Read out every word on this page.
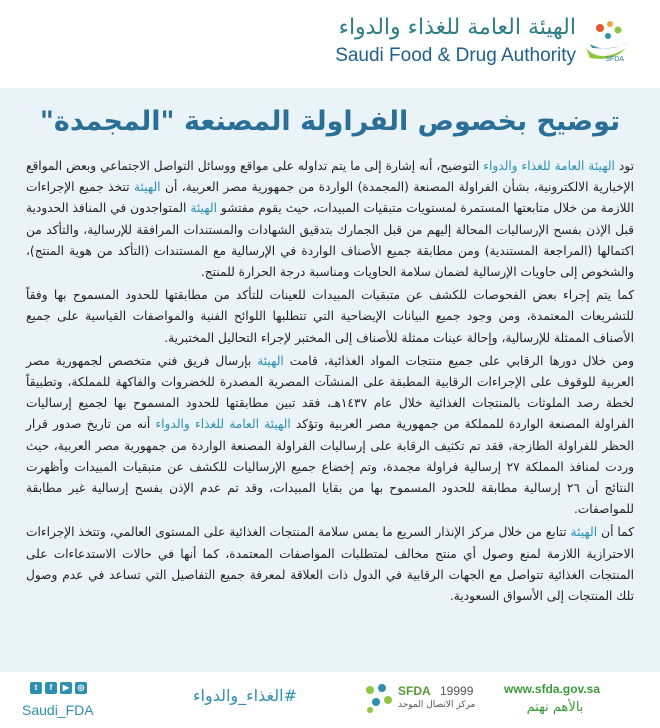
الهيئة العامة للغذاء والدواء
Saudi Food & Drug Authority	SFDA
توضيح بخصوص الفراولة المصنعة "المجمدة"

تود الهيئة العامة للغذاء والدواء التوضيح، أنه إشارة إلى ما يتم تداوله على مواقع ووسائل التواصل الاجتماعي وبعض المواقع الإخبارية الالكترونية، بشأن الفراولة المصنعة (المجمدة) الواردة من جمهورية مصر العربية، أن الهيئة تتخذ جميع الإجراءات اللازمة من خلال متابعتها المستمرة لمستويات متبقيات المبيدات، حيث يقوم مفتشو الهيئة المتواجدون في المنافذ الحدودية قبل الإذن بفسح الإرساليات المحالة إليهم من قبل الجمارك بتدقيق الشهادات والمستندات المرافقة للإرسالية، والتأكد من اكتمالها (المراجعة المستندية) ومن مطابقة جميع الأصناف الواردة في الإرسالية مع المستندات (التأكد من هوية المنتج)، والشخوص إلى حاويات الإرسالية لضمان سلامة الحاويات ومناسبة درجة الحرارة للمنتج.

كما يتم إجراء بعض الفحوصات للكشف عن متبقيات المبيدات للعينات للتأكد من مطابقتها للحدود المسموح بها وفقاً للتشريعات المعتمدة، ومن وجود جميع البيانات الإيضاحية التي تتطلبها اللوائح الفنية والمواصفات القياسية على جميع الأصناف الممثلة للإرسالية، وإحالة عينات ممثلة للأصناف إلى المختبر لإجراء التحاليل المختبرية.

ومن خلال دورها الرقابي على جميع منتجات المواد الغذائية، قامت الهيئة بإرسال فريق فني متخصص لجمهورية مصر العربية للوقوف على الإجراءات الرقابية المطبقة على المنشآت المصرية المصدرة للخضروات والفاكهة للمملكة، وتطبيقاً لخطة رصد الملوثات بالمنتجات الغذائية خلال عام ١٤٣٧هـ، فقد تبين مطابقتها للحدود المسموح بها لجميع إرساليات الفراولة المصنعة الواردة للمملكة من جمهورية مصر العربية وتؤكد الهيئة العامة للغذاء والدواء أنه من تاريخ صدور قرار الحظر للفراولة الطازجة، فقد تم تكثيف الرقابة على إرساليات الفراولة المصنعة الواردة من جمهورية مصر العربية، حيث وردت لمنافذ المملكة ٢٧ إرسالية فراولة مجمدة، وتم إخضاع جميع الإرساليات للكشف عن متبقيات المبيدات وأظهرت النتائج أن ٢٦ إرسالية مطابقة للحدود المسموح بها من بقايا المبيدات، وقد تم عدم الإذن بفسح إرسالية غير مطابقة للمواصفات.

كما أن الهيئة تتابع من خلال مركز الإنذار السريع ما يمس سلامة المنتجات الغذائية على المستوى العالمي، وتتخذ الإجراءات الاحترازية اللازمة لمنع وصول أي منتج مخالف لمتطلبات المواصفات المعتمدة، كما أنها في حالات الاستدعاءات على المنتجات الغذائية تتواصل مع الجهات الرقابية في الدول ذات العلاقة لمعرفة جميع التفاصيل التي تساعد في عدم وصول تلك المنتجات إلى الأسواق السعودية.

www.sfda.gov.sa
بالأهم نهتم
SFDA 19999
مركز الاتصال الموحد
#الغذاء_والدواء
t	f	▶	◎
Saudi_FDA
